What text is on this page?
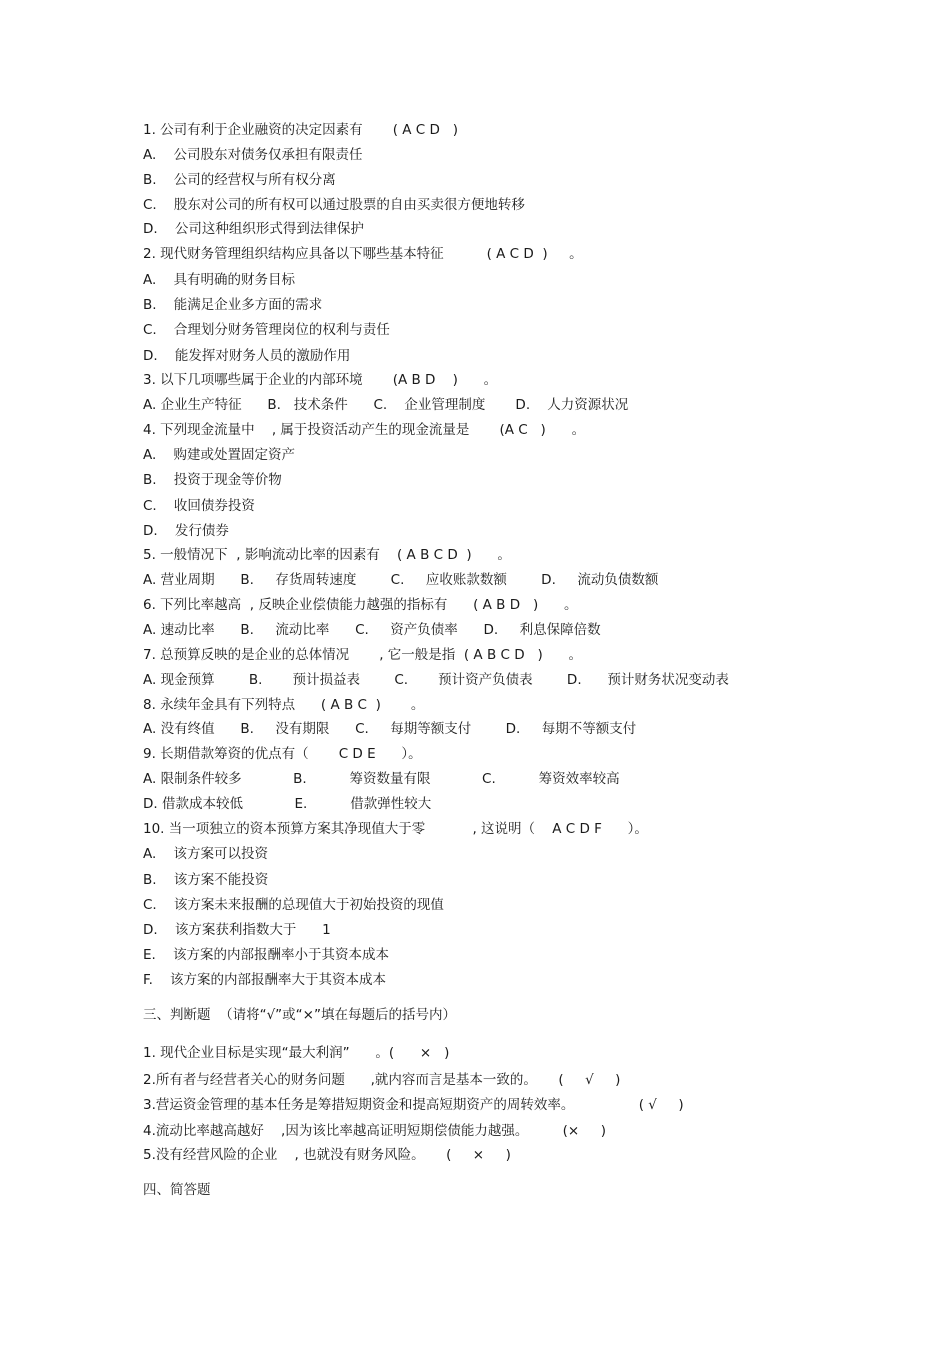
1. 公司有利于企业融资的决定因素有       ( A C D   )
A.    公司股东对债务仅承担有限责任
B.    公司的经营权与所有权分离
C.    股东对公司的所有权可以通过股票的自由买卖很方便地转移
D.    公司这种组织形式得到法律保护
2. 现代财务管理组织结构应具备以下哪些基本特征          ( A C D  )     。
A.    具有明确的财务目标
B.    能满足企业多方面的需求
C.    合理划分财务管理岗位的权利与责任
D.    能发挥对财务人员的激励作用
3. 以下几项哪些属于企业的内部环境       (A B D    )      。
A. 企业生产特征      B.   技术条件      C.    企业管理制度       D.    人力资源状况
4. 下列现金流量中    , 属于投资活动产生的现金流量是       (A C   )      。
A.    购建或处置固定资产
B.    投资于现金等价物
C.    收回债券投资
D.    发行债券
5. 一般情况下  , 影响流动比率的因素有    ( A B C D  )      。
A. 营业周期      B.     存货周转速度        C.     应收账款数额        D.     流动负债数额
6. 下列比率越高  , 反映企业偿债能力越强的指标有      ( A B D   )      。
A. 速动比率      B.     流动比率      C.     资产负债率      D.     利息保障倍数
7. 总预算反映的是企业的总体情况       , 它一般是指  ( A B C D   )      。
A. 现金预算        B.       预计损益表        C.       预计资产负债表        D.      预计财务状况变动表
8. 永续年金具有下列特点      ( A B C  )       。
A. 没有终值      B.     没有期限      C.     每期等额支付        D.     每期不等额支付
9. 长期借款筹资的优点有（       C D E      ）。
A. 限制条件较多            B.          筹资数量有限            C.          筹资效率较高
D. 借款成本较低            E.          借款弹性较大
10. 当一项独立的资本预算方案其净现值大于零           , 这说明（    A C D F      ）。
A.    该方案可以投资
B.    该方案不能投资
C.    该方案未来报酬的总现值大于初始投资的现值
D.    该方案获利指数大于      1
E.    该方案的内部报酬率小于其资本成本
F.    该方案的内部报酬率大于其资本成本
三、判断题  （请将“√”或“×”填在每题后的括号内）
1. 现代企业目标是实现“最大利润”      。(      ×   )
2.所有者与经营者关心的财务问题      ,就内容而言是基本一致的。     (     √     )
3.营运资金管理的基本任务是筹措短期资金和提高短期资产的周转效率。               ( √     )
4.流动比率越高越好    ,因为该比率越高证明短期偿债能力越强。        (×     )
5.没有经营风险的企业    , 也就没有财务风险。     (     ×     )
四、简答题
